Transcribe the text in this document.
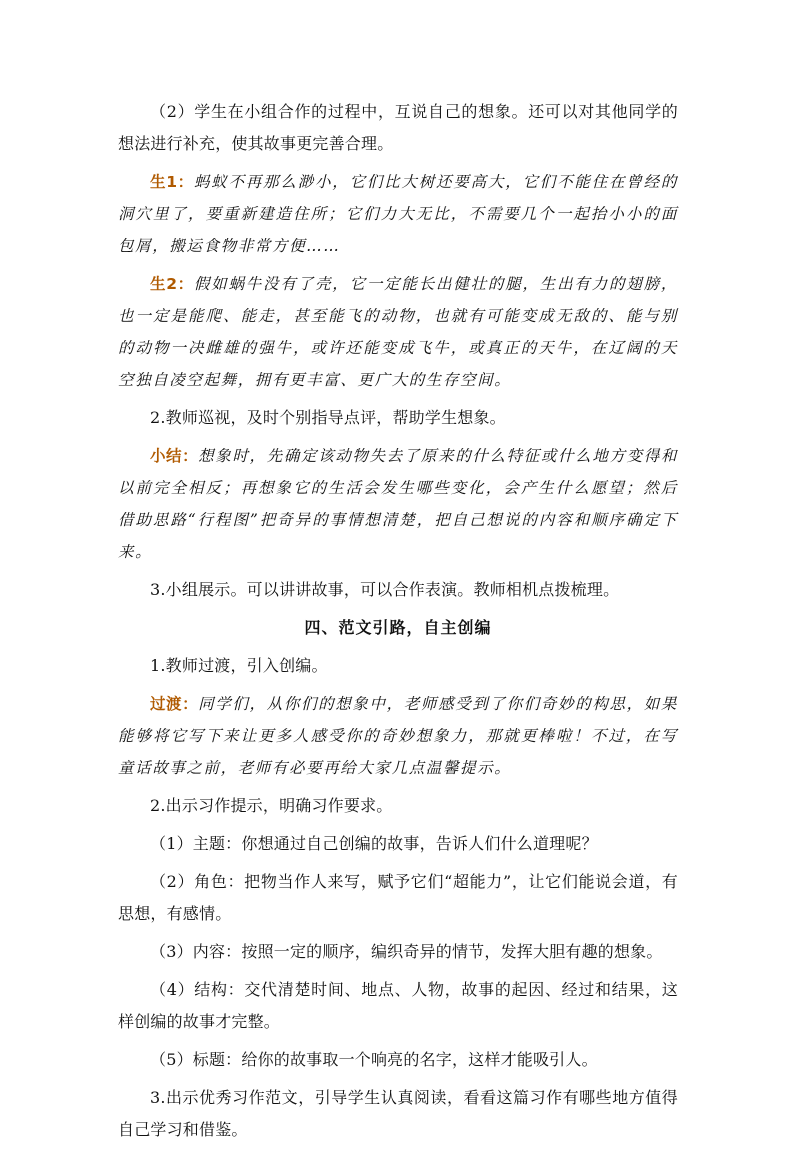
（2）学生在小组合作的过程中，互说自己的想象。还可以对其他同学的想法进行补充，使其故事更完善合理。

生1：蚂蚁不再那么渺小，它们比大树还要高大，它们不能住在曾经的洞穴里了，要重新建造住所；它们力大无比，不需要几个一起抬小小的面包屑，搬运食物非常方便……

生2：假如蜗牛没有了壳，它一定能长出健壮的腿，生出有力的翅膀，也一定是能爬、能走，甚至能飞的动物，也就有可能变成无敌的、能与别的动物一决雌雄的强牛，或许还能变成飞牛，或真正的天牛，在辽阔的天空独自凌空起舞，拥有更丰富、更广大的生存空间。

2.教师巡视，及时个别指导点评，帮助学生想象。

小结：想象时，先确定该动物失去了原来的什么特征或什么地方变得和以前完全相反；再想象它的生活会发生哪些变化，会产生什么愿望；然后借助思路“行程图”把奇异的事情想清楚，把自己想说的内容和顺序确定下来。

3.小组展示。可以讲讲故事，可以合作表演。教师相机点拨梳理。

四、范文引路，自主创编

1.教师过渡，引入创编。

过渡：同学们，从你们的想象中，老师感受到了你们奇妙的构思，如果能够将它写下来让更多人感受你的奇妙想象力，那就更棒啦！不过，在写童话故事之前，老师有必要再给大家几点温馨提示。

2.出示习作提示，明确习作要求。

（1）主题：你想通过自己创编的故事，告诉人们什么道理呢？

（2）角色：把物当作人来写，赋予它们“超能力”，让它们能说会道，有思想，有感情。

（3）内容：按照一定的顺序，编织奇异的情节，发挥大胆有趣的想象。

（4）结构：交代清楚时间、地点、人物，故事的起因、经过和结果，这样创编的故事才完整。

（5）标题：给你的故事取一个响亮的名字，这样才能吸引人。

3.出示优秀习作范文，引导学生认真阅读，看看这篇习作有哪些地方值得自己学习和借鉴。
